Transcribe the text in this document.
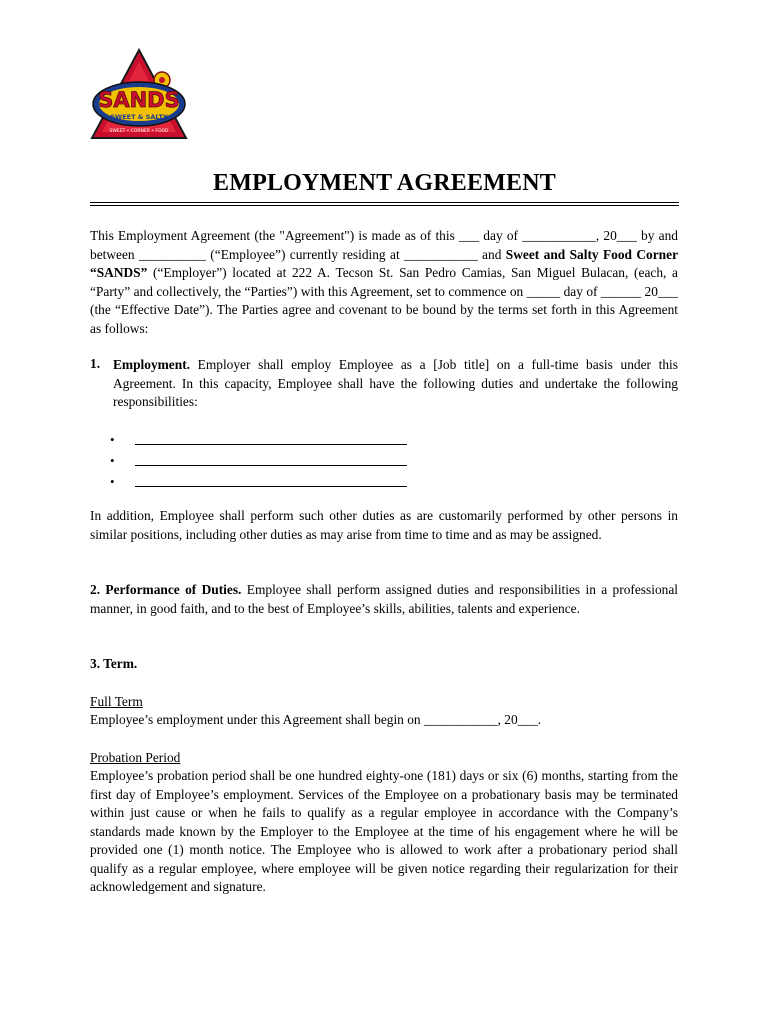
SANDS
SWEET & SALTY
SWEET • CORNER • FOOD
EMPLOYMENT AGREEMENT
This Employment Agreement (the "Agreement") is made as of this ___ day of ___________, 20___ by and between __________ (“Employee”) currently residing at ___________ and Sweet and Salty Food Corner “SANDS” (“Employer”) located at 222 A. Tecson St. San Pedro Camias, San Miguel Bulacan, (each, a “Party” and collectively, the “Parties”) with this Agreement, set to commence on _____ day of ______ 20___ (the “Effective Date”). The Parties agree and covenant to be bound by the terms set forth in this Agreement as follows:
1. Employment. Employer shall employ Employee as a [Job title] on a full-time basis under this Agreement. In this capacity, Employee shall have the following duties and undertake the following responsibilities:
•
•
•
In addition, Employee shall perform such other duties as are customarily performed by other persons in similar positions, including other duties as may arise from time to time and as may be assigned.
2. Performance of Duties. Employee shall perform assigned duties and responsibilities in a professional manner, in good faith, and to the best of Employee’s skills, abilities, talents and experience.
3. Term.
Full Term
Employee’s employment under this Agreement shall begin on ___________, 20___.
Probation Period
Employee’s probation period shall be one hundred eighty-one (181) days or six (6) months, starting from the first day of Employee’s employment. Services of the Employee on a probationary basis may be terminated within just cause or when he fails to qualify as a regular employee in accordance with the Company’s standards made known by the Employer to the Employee at the time of his engagement where he will be provided one (1) month notice. The Employee who is allowed to work after a probationary period shall qualify as a regular employee, where employee will be given notice regarding their regularization for their acknowledgement and signature.
